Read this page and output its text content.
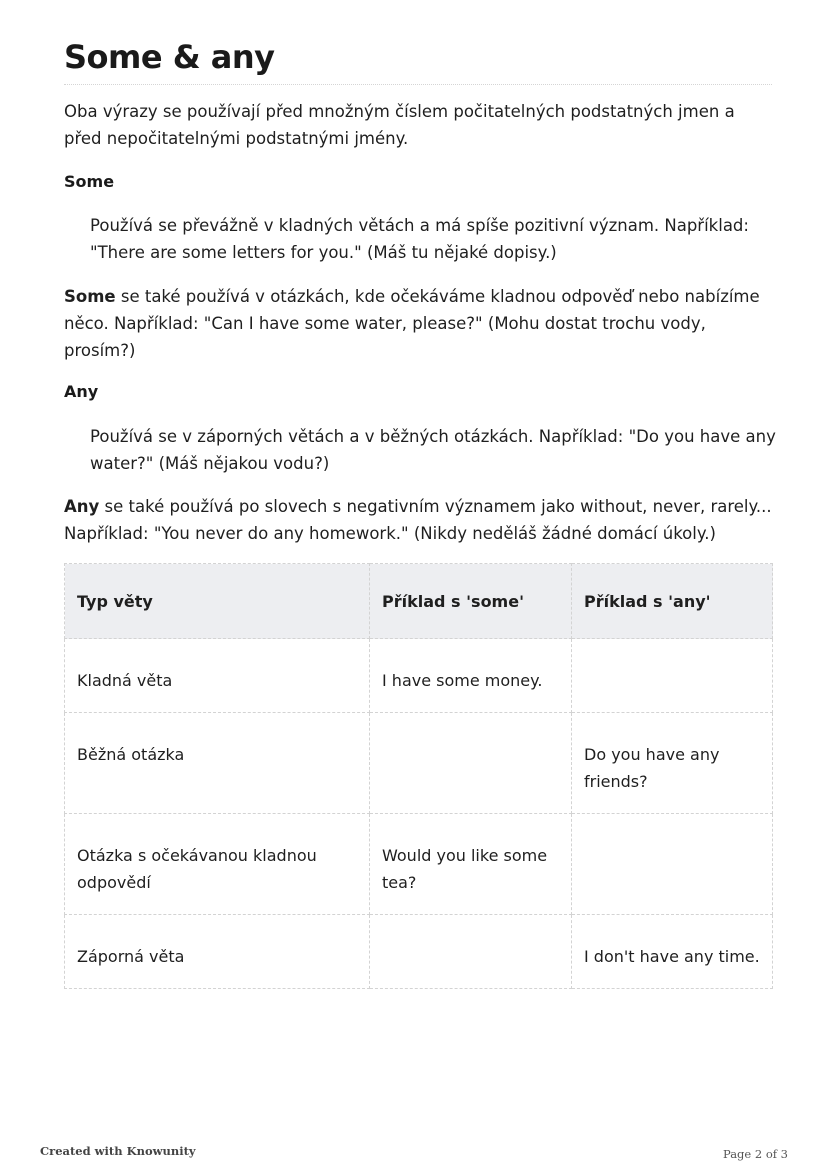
Some & any
Oba výrazy se používají před množným číslem počitatelných podstatných jmen a před nepočitatelnými podstatnými jmény.
Some
Používá se převážně v kladných větách a má spíše pozitivní význam. Například: "There are some letters for you." (Máš tu nějaké dopisy.)
Some se také používá v otázkách, kde očekáváme kladnou odpověď nebo nabízíme něco. Například: "Can I have some water, please?" (Mohu dostat trochu vody, prosím?)
Any
Používá se v záporných větách a v běžných otázkách. Například: "Do you have any water?" (Máš nějakou vodu?)
Any se také používá po slovech s negativním významem jako without, never, rarely... Například: "You never do any homework." (Nikdy neděláš žádné domácí úkoly.)
Typ věty	Příklad s 'some'	Příklad s 'any'
Kladná věta	I have some money.	
Běžná otázka		Do you have any friends?
Otázka s očekávanou kladnou odpovědí	Would you like some tea?	
Záporná věta		I don't have any time.
Created with Knowunity	Page 2 of 3
